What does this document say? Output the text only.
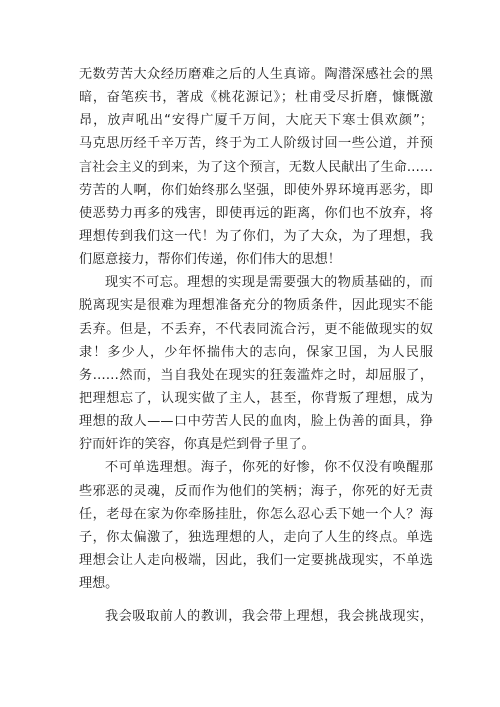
无数劳苦大众经历磨难之后的人生真谛。陶潜深感社会的黑
暗，奋笔疾书，著成《桃花源记》；杜甫受尽折磨，慷慨激
昂，放声吼出“安得广厦千万间，大庇天下寒士俱欢颜”；
马克思历经千辛万苦，终于为工人阶级讨回一些公道，并预
言社会主义的到来，为了这个预言，无数人民献出了生命……
劳苦的人啊，你们始终那么坚强，即使外界环境再恶劣，即
使恶势力再多的残害，即使再远的距离，你们也不放弃，将
理想传到我们这一代！为了你们，为了大众，为了理想，我
们愿意接力，帮你们传递，你们伟大的思想！
现实不可忘。理想的实现是需要强大的物质基础的，而
脱离现实是很难为理想准备充分的物质条件，因此现实不能
丢弃。但是，不丢弃，不代表同流合污，更不能做现实的奴
隶！多少人，少年怀揣伟大的志向，保家卫国，为人民服
务……然而，当自我处在现实的狂轰滥炸之时，却屈服了，
把理想忘了，认现实做了主人，甚至，你背叛了理想，成为
理想的敌人——口中劳苦人民的血肉，脸上伪善的面具，狰
狞而奸诈的笑容，你真是烂到骨子里了。
不可单选理想。海子，你死的好惨，你不仅没有唤醒那
些邪恶的灵魂，反而作为他们的笑柄；海子，你死的好无责
任，老母在家为你牵肠挂肚，你怎么忍心丢下她一个人？海
子，你太偏激了，独选理想的人，走向了人生的终点。单选
理想会让人走向极端，因此，我们一定要挑战现实，不单选
理想。
我会吸取前人的教训，我会带上理想，我会挑战现实，
